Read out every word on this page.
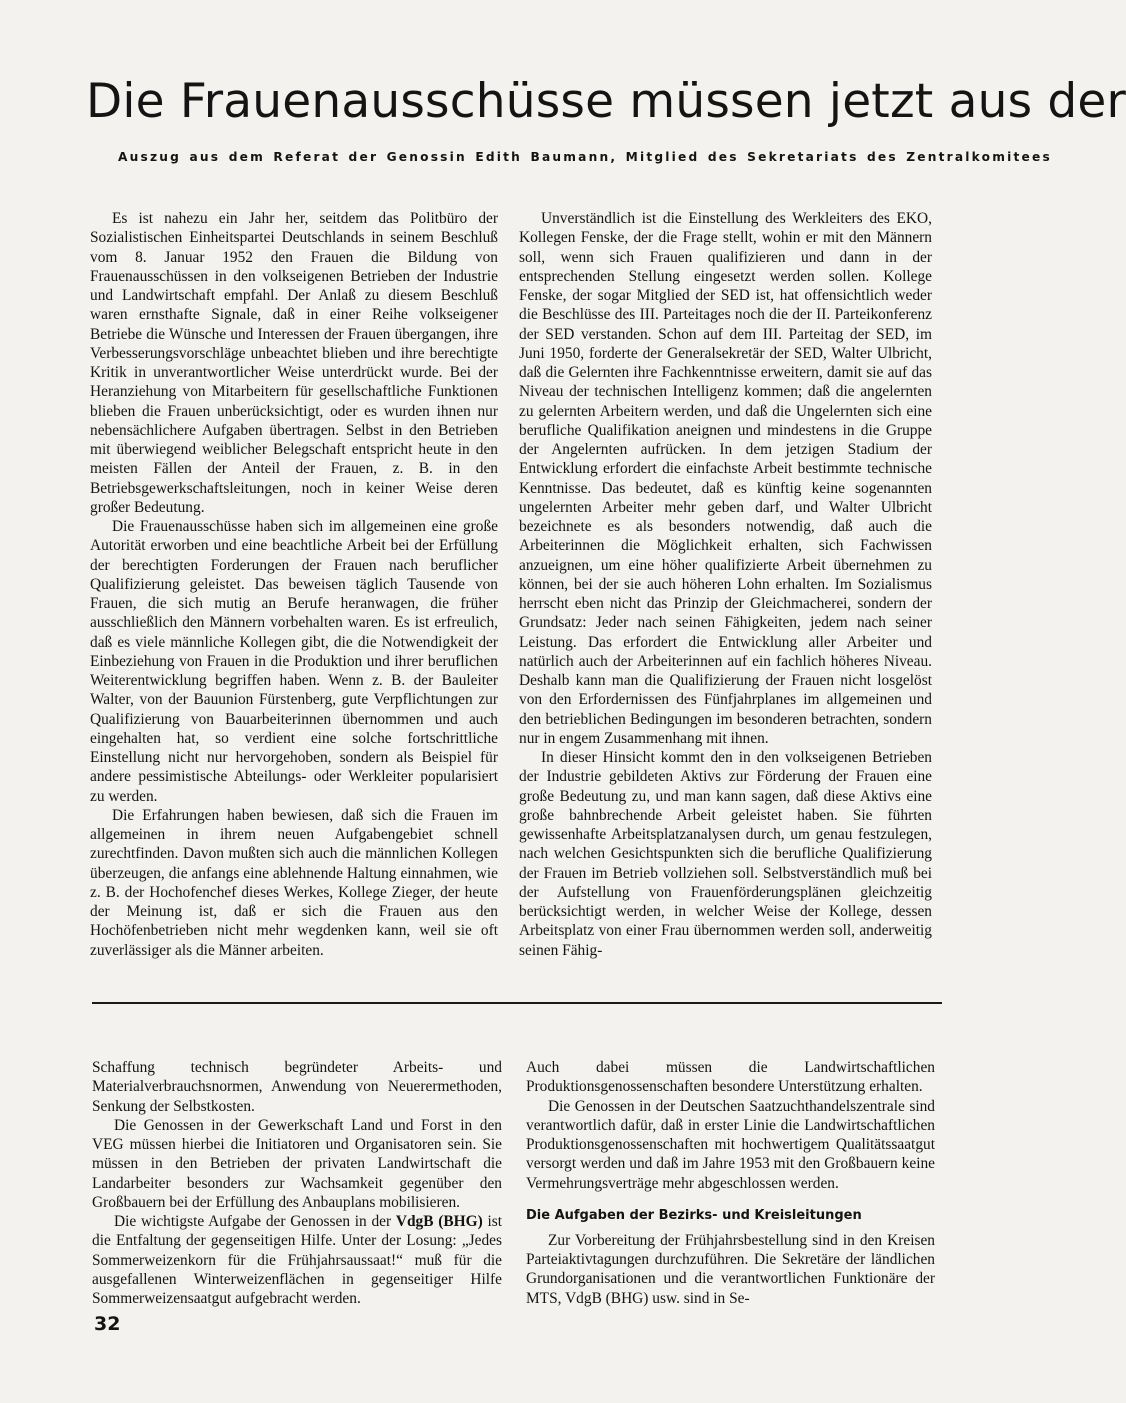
Die Frauenausschüsse müssen jetzt aus der
Auszug aus dem Referat der Genossin Edith Baumann, Mitglied des Sekretariats des Zentralkomitees

Es ist nahezu ein Jahr her, seitdem das Politbüro der Sozialistischen Einheitspartei Deutschlands in seinem Beschluß vom 8. Januar 1952 den Frauen die Bildung von Frauenausschüssen in den volkseigenen Betrieben der Industrie und Landwirtschaft empfahl. Der Anlaß zu diesem Beschluß waren ernsthafte Signale, daß in einer Reihe volkseigener Betriebe die Wünsche und Interessen der Frauen übergangen, ihre Verbesserungsvorschläge unbeachtet blieben und ihre berechtigte Kritik in unverantwortlicher Weise unterdrückt wurde. Bei der Heranziehung von Mitarbeitern für gesellschaftliche Funktionen blieben die Frauen unberücksichtigt, oder es wurden ihnen nur nebensächlichere Aufgaben übertragen. Selbst in den Betrieben mit überwiegend weiblicher Belegschaft entspricht heute in den meisten Fällen der Anteil der Frauen, z. B. in den Betriebsgewerkschaftsleitungen, noch in keiner Weise deren großer Bedeutung.

Die Frauenausschüsse haben sich im allgemeinen eine große Autorität erworben und eine beachtliche Arbeit bei der Erfüllung der berechtigten Forderungen der Frauen nach beruflicher Qualifizierung geleistet. Das beweisen täglich Tausende von Frauen, die sich mutig an Berufe heranwagen, die früher ausschließlich den Männern vorbehalten waren. Es ist erfreulich, daß es viele männliche Kollegen gibt, die die Notwendigkeit der Einbeziehung von Frauen in die Produktion und ihrer beruflichen Weiterentwicklung begriffen haben. Wenn z. B. der Bauleiter Walter, von der Bauunion Fürstenberg, gute Verpflichtungen zur Qualifizierung von Bauarbeiterinnen übernommen und auch eingehalten hat, so verdient eine solche fortschrittliche Einstellung nicht nur hervorgehoben, sondern als Beispiel für andere pessimistische Abteilungs- oder Werkleiter popularisiert zu werden.

Die Erfahrungen haben bewiesen, daß sich die Frauen im allgemeinen in ihrem neuen Aufgabengebiet schnell zurechtfinden. Davon mußten sich auch die männlichen Kollegen überzeugen, die anfangs eine ablehnende Haltung einnahmen, wie z. B. der Hochofenchef dieses Werkes, Kollege Zieger, der heute der Meinung ist, daß er sich die Frauen aus den Hochöfenbetrieben nicht mehr wegdenken kann, weil sie oft zuverlässiger als die Männer arbeiten.

Unverständlich ist die Einstellung des Werkleiters des EKO, Kollegen Fenske, der die Frage stellt, wohin er mit den Männern soll, wenn sich Frauen qualifizieren und dann in der entsprechenden Stellung eingesetzt werden sollen. Kollege Fenske, der sogar Mitglied der SED ist, hat offensichtlich weder die Beschlüsse des III. Parteitages noch die der II. Parteikonferenz der SED verstanden. Schon auf dem III. Parteitag der SED, im Juni 1950, forderte der Generalsekretär der SED, Walter Ulbricht, daß die Gelernten ihre Fachkenntnisse erweitern, damit sie auf das Niveau der technischen Intelligenz kommen; daß die angelernten zu gelernten Arbeitern werden, und daß die Ungelernten sich eine berufliche Qualifikation aneignen und mindestens in die Gruppe der Angelernten aufrücken. In dem jetzigen Stadium der Entwicklung erfordert die einfachste Arbeit bestimmte technische Kenntnisse. Das bedeutet, daß es künftig keine sogenannten ungelernten Arbeiter mehr geben darf, und Walter Ulbricht bezeichnete es als besonders notwendig, daß auch die Arbeiterinnen die Möglichkeit erhalten, sich Fachwissen anzueignen, um eine höher qualifizierte Arbeit übernehmen zu können, bei der sie auch höheren Lohn erhalten. Im Sozialismus herrscht eben nicht das Prinzip der Gleichmacherei, sondern der Grundsatz: Jeder nach seinen Fähigkeiten, jedem nach seiner Leistung. Das erfordert die Entwicklung aller Arbeiter und natürlich auch der Arbeiterinnen auf ein fachlich höheres Niveau. Deshalb kann man die Qualifizierung der Frauen nicht losgelöst von den Erfordernissen des Fünfjahrplanes im allgemeinen und den betrieblichen Bedingungen im besonderen betrachten, sondern nur in engem Zusammenhang mit ihnen.

In dieser Hinsicht kommt den in den volkseigenen Betrieben der Industrie gebildeten Aktivs zur Förderung der Frauen eine große Bedeutung zu, und man kann sagen, daß diese Aktivs eine große bahnbrechende Arbeit geleistet haben. Sie führten gewissenhafte Arbeitsplatzanalysen durch, um genau festzulegen, nach welchen Gesichtspunkten sich die berufliche Qualifizierung der Frauen im Betrieb vollziehen soll. Selbstverständlich muß bei der Aufstellung von Frauenförderungsplänen gleichzeitig berücksichtigt werden, in welcher Weise der Kollege, dessen Arbeitsplatz von einer Frau übernommen werden soll, anderweitig seinen Fähig-

Schaffung technisch begründeter Arbeits- und Materialverbrauchsnormen, Anwendung von Neuerermethoden, Senkung der Selbstkosten.

Die Genossen in der Gewerkschaft Land und Forst in den VEG müssen hierbei die Initiatoren und Organisatoren sein. Sie müssen in den Betrieben der privaten Landwirtschaft die Landarbeiter besonders zur Wachsamkeit gegenüber den Großbauern bei der Erfüllung des Anbauplans mobilisieren.

Die wichtigste Aufgabe der Genossen in der VdgB (BHG) ist die Entfaltung der gegenseitigen Hilfe. Unter der Losung: „Jedes Sommerweizenkorn für die Frühjahrsaussaat!“ muß für die ausgefallenen Winterweizenflächen in gegenseitiger Hilfe Sommerweizensaatgut aufgebracht werden.

Auch dabei müssen die Landwirtschaftlichen Produktionsgenossenschaften besondere Unterstützung erhalten.

Die Genossen in der Deutschen Saatzuchthandelszentrale sind verantwortlich dafür, daß in erster Linie die Landwirtschaftlichen Produktionsgenossenschaften mit hochwertigem Qualitätssaatgut versorgt werden und daß im Jahre 1953 mit den Großbauern keine Vermehrungsverträge mehr abgeschlossen werden.

Die Aufgaben der Bezirks- und Kreisleitungen

Zur Vorbereitung der Frühjahrsbestellung sind in den Kreisen Parteiaktivtagungen durchzuführen. Die Sekretäre der ländlichen Grundorganisationen und die verantwortlichen Funktionäre der MTS, VdgB (BHG) usw. sind in Se-

32
